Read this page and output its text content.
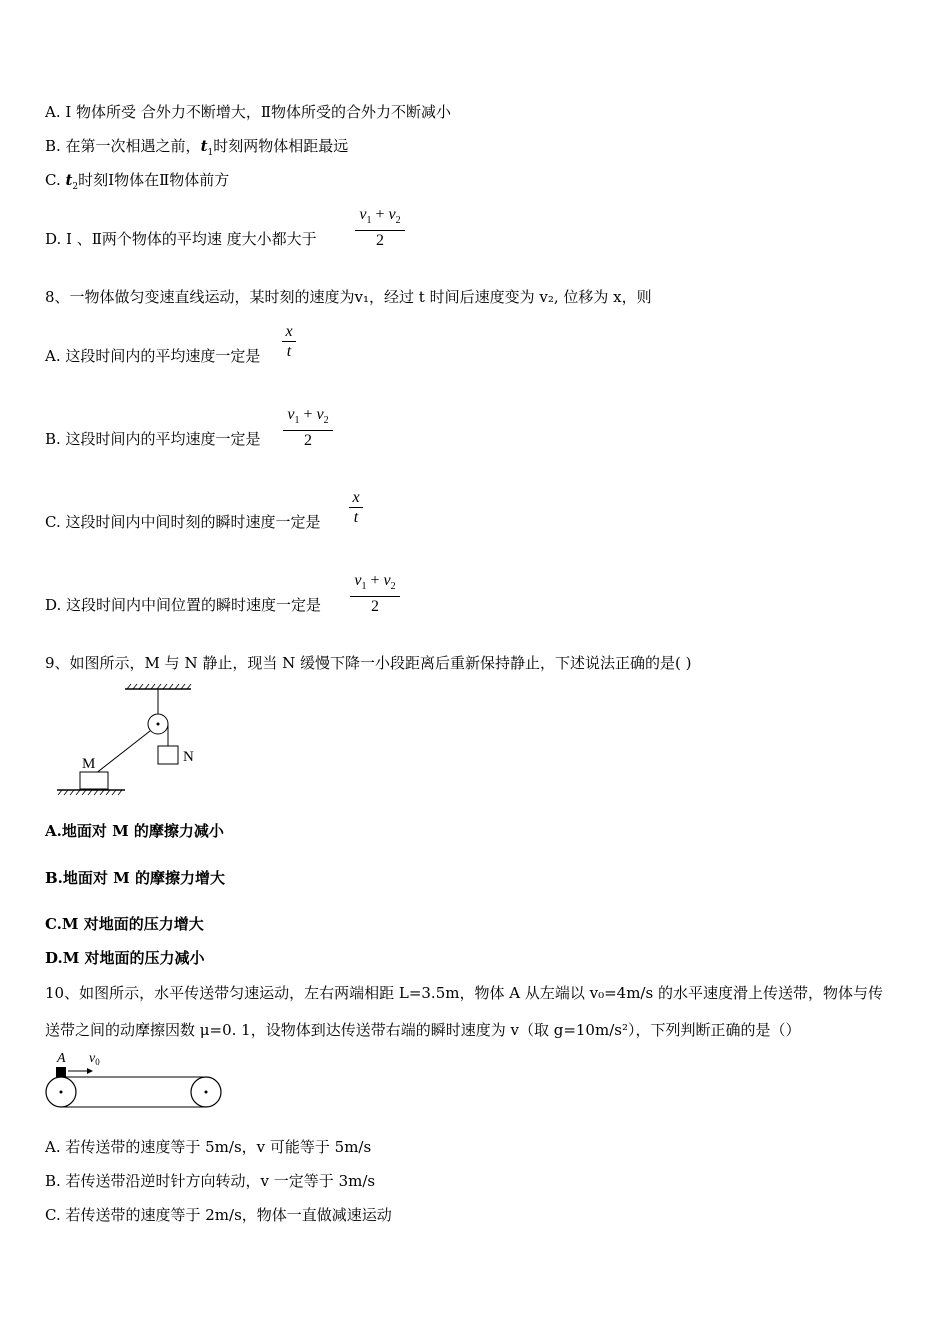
A. Ⅰ 物体所受 合外力不断增大，Ⅱ物体所受的合外力不断减小
B. 在第一次相遇之前，$t_1$时刻两物体相距最远
C. $t_2$时刻Ⅰ物体在Ⅱ物体前方
D. Ⅰ 、Ⅱ两个物体的平均速 度大小都大于 $\frac{v_1 + v_2}{2}$
8、一物体做匀变速直线运动，某时刻的速度为v₁，经过 t 时间后速度变为 v₂, 位移为 x，则
A. 这段时间内的平均速度一定是 $\frac{x}{t}$
B. 这段时间内的平均速度一定是 $\frac{v_1 + v_2}{2}$
C. 这段时间内中间时刻的瞬时速度一定是 $\frac{x}{t}$
D. 这段时间内中间位置的瞬时速度一定是 $\frac{v_1 + v_2}{2}$
9、如图所示，M 与 N 静止，现当 N 缓慢下降一小段距离后重新保持静止，下述说法正确的是( )
M	N
A.地面对 M 的摩擦力减小
B.地面对 M 的摩擦力增大
C.M 对地面的压力增大
D.M 对地面的压力减小
10、如图所示，水平传送带匀速运动，左右两端相距 L=3.5m，物体 A 从左端以 v₀=4m/s 的水平速度滑上传送带，物体与传
送带之间的动摩擦因数 μ=0. 1，设物体到达传送带右端的瞬时速度为 v（取 g=10m/s²），下列判断正确的是（）
A $v_0$
A. 若传送带的速度等于 5m/s，v 可能等于 5m/s
B. 若传送带沿逆时针方向转动，v 一定等于 3m/s
C. 若传送带的速度等于 2m/s，物体一直做减速运动
